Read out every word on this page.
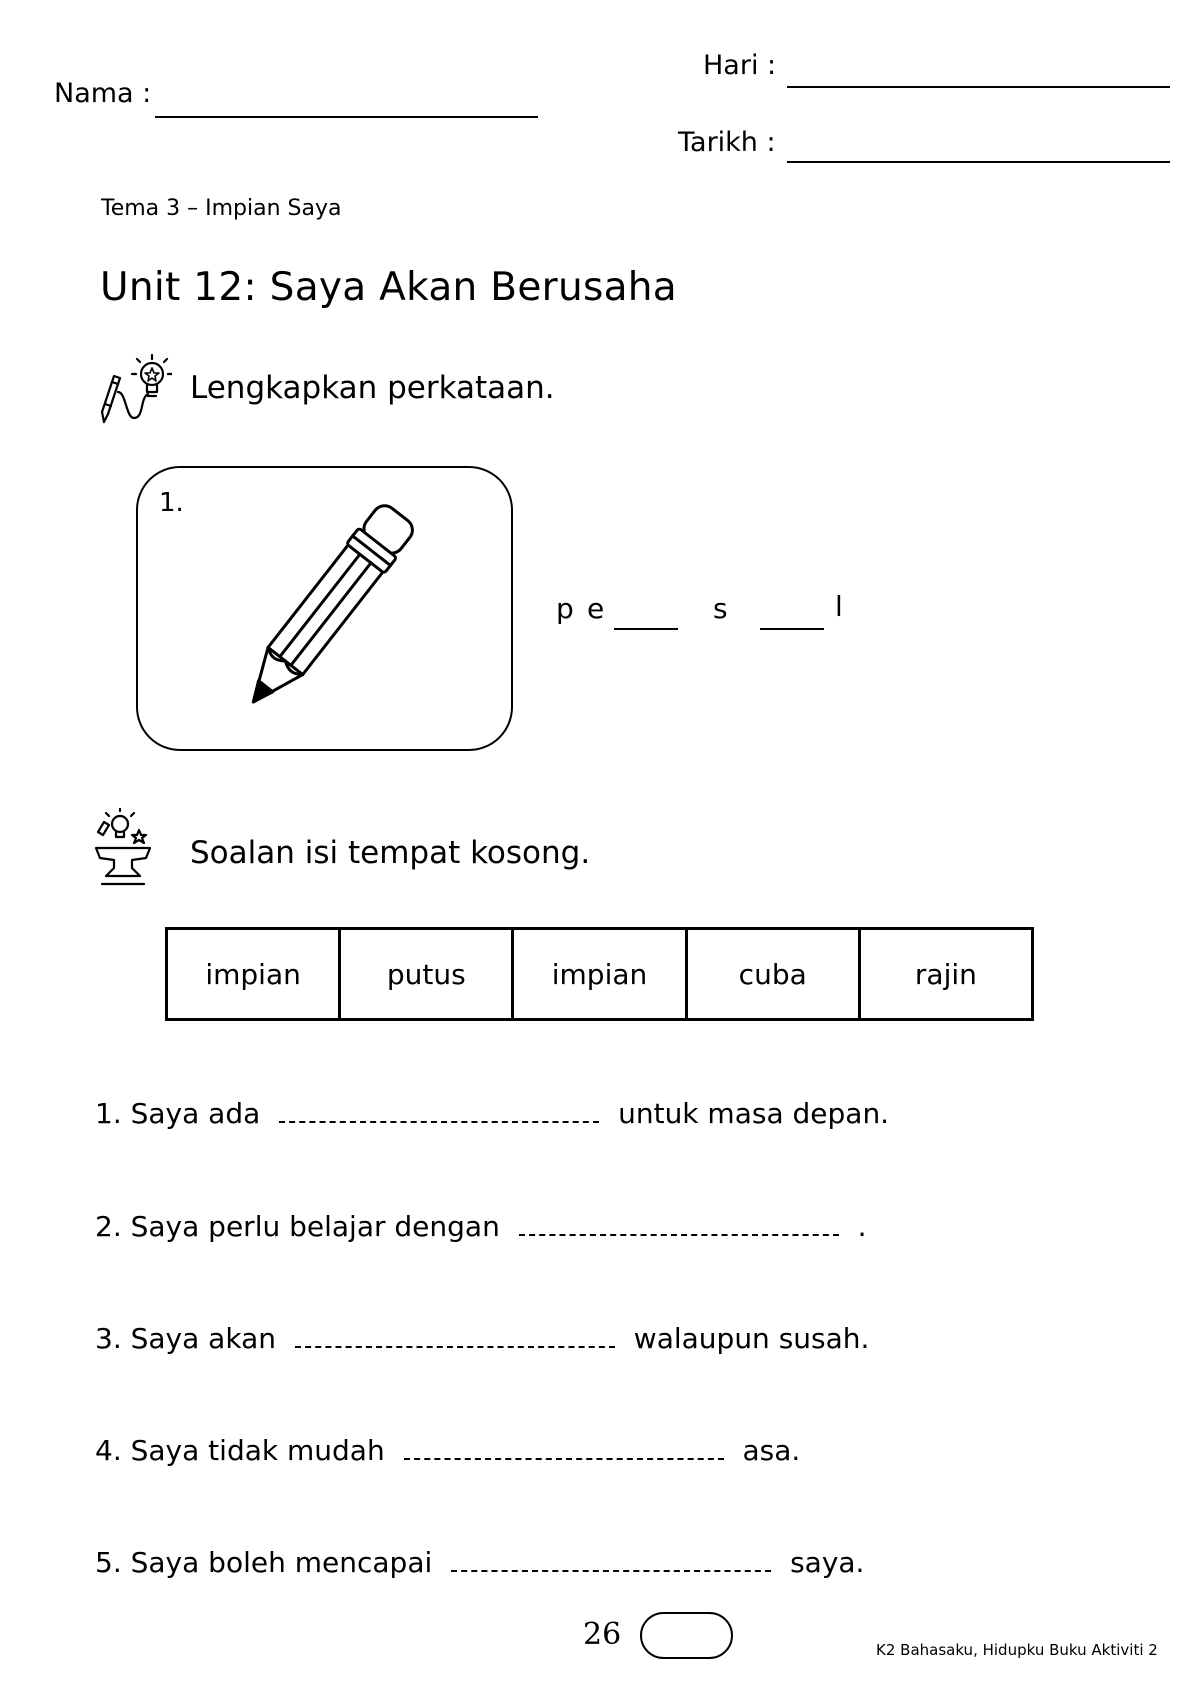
Nama :
Hari :
Tarikh :
Tema 3 – Impian Saya
Unit 12: Saya Akan Berusaha
Lengkapkan perkataan.
1.
p e	s	l
Soalan isi tempat kosong.
impian	putus	impian	cuba	rajin
1. Saya ada	untuk masa depan.
2. Saya perlu belajar dengan	.
3. Saya akan	walaupun susah.
4. Saya tidak mudah	asa.
5. Saya boleh mencapai	saya.
26	K2 Bahasaku, Hidupku Buku Aktiviti 2
